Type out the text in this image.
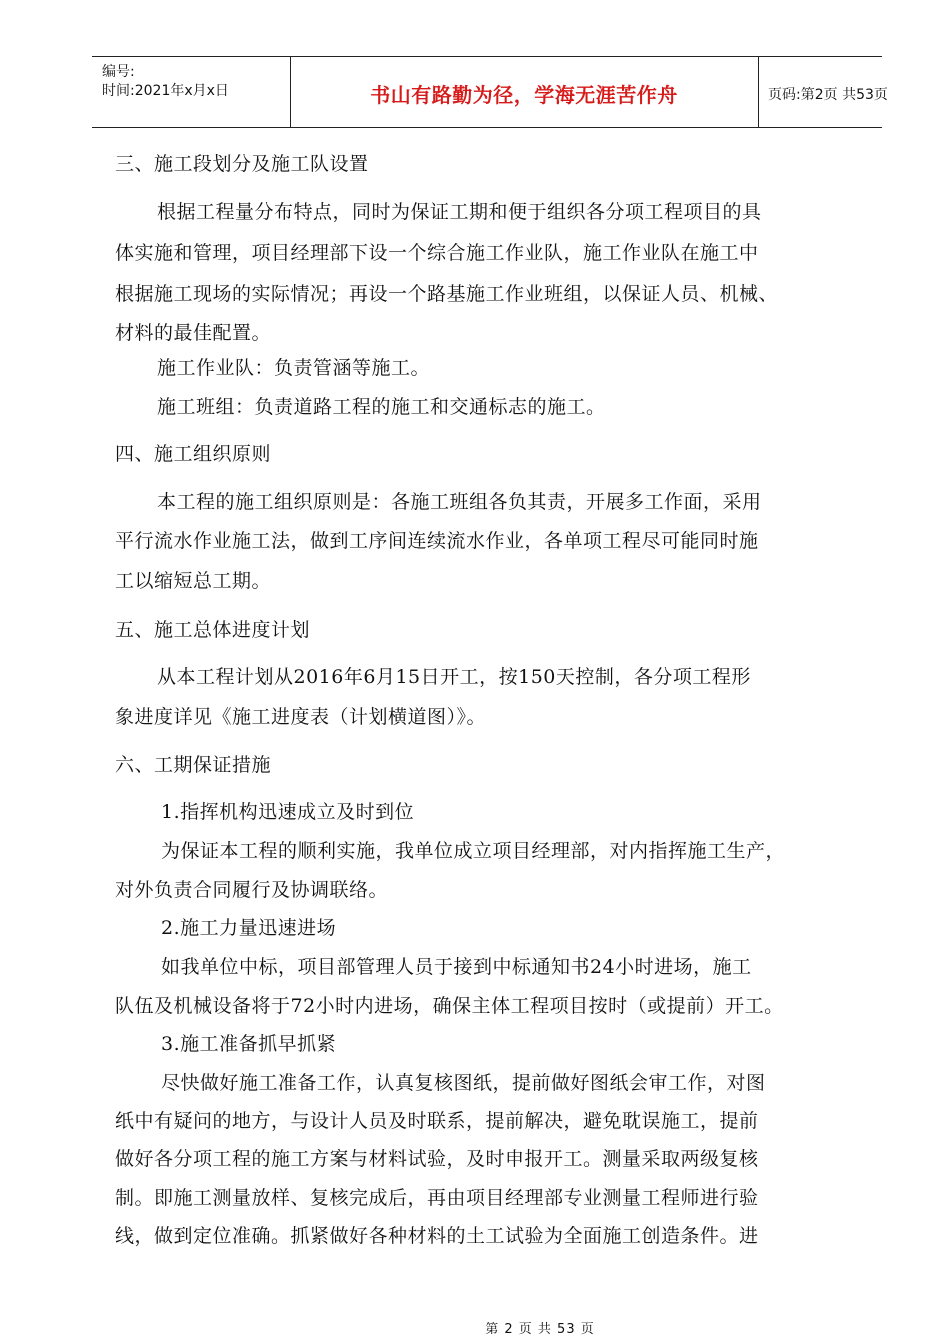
编号:
时间:2021年x月x日	书山有路勤为径，学海无涯苦作舟	页码:第2页 共53页
三、施工段划分及施工队设置
根据工程量分布特点，同时为保证工期和便于组织各分项工程项目的具
体实施和管理，项目经理部下设一个综合施工作业队，施工作业队在施工中
根据施工现场的实际情况；再设一个路基施工作业班组，以保证人员、机械、
材料的最佳配置。
施工作业队：负责管涵等施工。
施工班组：负责道路工程的施工和交通标志的施工。
四、施工组织原则
本工程的施工组织原则是：各施工班组各负其责，开展多工作面，采用
平行流水作业施工法，做到工序间连续流水作业，各单项工程尽可能同时施
工以缩短总工期。
五、施工总体进度计划
从本工程计划从2016年6月15日开工，按150天控制，各分项工程形
象进度详见《施工进度表（计划横道图）》。
六、工期保证措施
1.指挥机构迅速成立及时到位
为保证本工程的顺利实施，我单位成立项目经理部，对内指挥施工生产，
对外负责合同履行及协调联络。
2.施工力量迅速进场
如我单位中标，项目部管理人员于接到中标通知书24小时进场，施工
队伍及机械设备将于72小时内进场，确保主体工程项目按时（或提前）开工。
3.施工准备抓早抓紧
尽快做好施工准备工作，认真复核图纸，提前做好图纸会审工作，对图
纸中有疑问的地方，与设计人员及时联系，提前解决，避免耽误施工，提前
做好各分项工程的施工方案与材料试验，及时申报开工。测量采取两级复核
制。即施工测量放样、复核完成后，再由项目经理部专业测量工程师进行验
线，做到定位准确。抓紧做好各种材料的土工试验为全面施工创造条件。进
第 2 页 共 53 页
